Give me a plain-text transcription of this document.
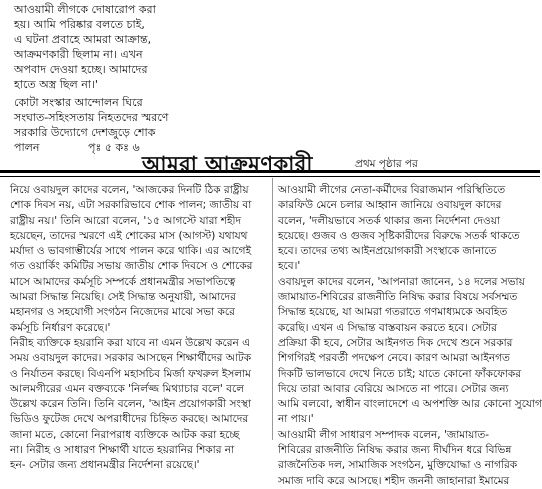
আওয়ামী লীগকে দোষারোপ করা
হয়। আমি পরিষ্কার বলতে চাই,
এ ঘটনা প্রবাহে আমরা আক্রান্ত,
আক্রমণকারী ছিলাম না। এখন
অপবাদ দেওয়া হচ্ছে। আমাদের
হাতে অস্ত্র ছিল না।'
কোটা সংস্কার আন্দোলন ঘিরে
সংঘাত-সহিংসতায় নিহতদের স্মরণে
সরকারি উদ্যোগে দেশজুড়ে শোক
পালন	পৃঃ ৫ কঃ ৬
আমরা আক্রমণকারী	প্রথম পৃষ্ঠার পর
নিয়ে ওবায়দুল কাদের বলেন, 'আজকের দিনটি ঠিক রাষ্ট্রীয়
শোক দিবস নয়, এটা সরকারিভাবে শোক পালন; জাতীয় বা
রাষ্ট্রীয় নয়।' তিনি আরো বলেন, '১৫ আগস্টে যারা শহীদ
হয়েছেন, তাদের স্মরণে এই শোকের মাস (আগস্ট) যথাযথ
মর্যাদা ও ভাবগাম্ভীর্যের সাথে পালন করে থাকি। এর আগেই
গত ওয়ার্কিং কমিটির সভায় জাতীয় শোক দিবসে ও শোকের
মাসে আমাদের কর্মসূচি সম্পর্কে প্রধানমন্ত্রীর সভাপতিত্বে
আমরা সিদ্ধান্ত নিয়েছি। সেই সিদ্ধান্ত অনুযায়ী, আমাদের
মহানগর ও সহযোগী সংগঠন নিজেদের মাঝে সভা করে
কর্মসূচি নির্ধারণ করেছে।'
নিরীহ ব্যক্তিকে হয়রানি করা যাবে না এমন উল্লেখ করেন এ
সময় ওবায়দুল কাদের। সরকার আসছেন শিক্ষার্থীদের আটক
ও নির্যাতন করছে। বিএনপি মহাসচিব মির্জা ফখরুল ইসলাম
আলমগীরের এমন বক্তব্যকে 'নির্লজ্জ মিথ্যাচার বলে' বলে
উল্লেখ করেন তিনি। তিনি বলেন, 'আইন প্রয়োগকারী সংস্থা
ভিডিও ফুটেজ দেখে অপরাধীদের চিহ্নিত করছে। আমাদের
জানা মতে, কোনো নিরাপরাধ ব্যক্তিকে আটক করা হচ্ছে
না। নিরীহ ও সাধারণ শিক্ষার্থী যাতে হয়রানির শিকার না
হন- সেটার জন্য প্রধানমন্ত্রীর নির্দেশনা রয়েছে।'
আওয়ামী লীগের নেতা-কর্মীদের বিরাজমান পরিস্থিতিতে
কারফিউ মেনে চলার আহ্বান জানিয়ে ওবায়দুল কাদের
বলেন, 'দলীয়ভাবে সতর্ক থাকার জন্য নির্দেশনা দেওয়া
হয়েছে। গুজব ও গুজব সৃষ্টিকারীদের বিরুদ্ধে সতর্ক থাকতে
হবে। তাদের তথ্য আইনপ্রয়োগকারী সংস্থাকে জানাতে
হবে।'
ওবায়দুল কাদের বলেন, 'আপনারা জানেন, ১৪ দলের সভায়
জামায়াত-শিবিরের রাজনীতি নিষিদ্ধ করার বিষয়ে সর্বসম্মত
সিদ্ধান্ত হয়েছে, যা আমরা গতরাতে গণমাধ্যমকে অবহিত
করেছি। এখন এ সিদ্ধান্ত বাস্তবায়ন করতে হবে। সেটার
প্রক্রিয়া কী হবে, সেটার আইনগত দিক দেখে শুনে সরকার
শিগগিরই পরবর্তী পদক্ষেপ নেবে। কারণ আমরা আইনগত
দিকটি ভালভাবে দেখে নিতে চাই; যাতে কোনো ফাঁকফোকর
দিয়ে তারা আবার বেরিয়ে আসতে না পারে। সেটার জন্য
আমি বলবো, স্বাধীন বাংলাদেশে এ অপশক্তি আর কোনো সুযোগ
না পায়।'
আওয়ামী লীগ সাধারণ সম্পাদক বলেন, 'জামায়াত-
শিবিরের রাজনীতি নিষিদ্ধ করার জন্য দীর্ঘদিন ধরে বিভিন্ন
রাজনৈতিক দল, সামাজিক সংগঠন, মুক্তিযোদ্ধা ও নাগরিক
সমাজ দাবি করে আসছে। শহীদ জননী জাহানারা ইমামের
